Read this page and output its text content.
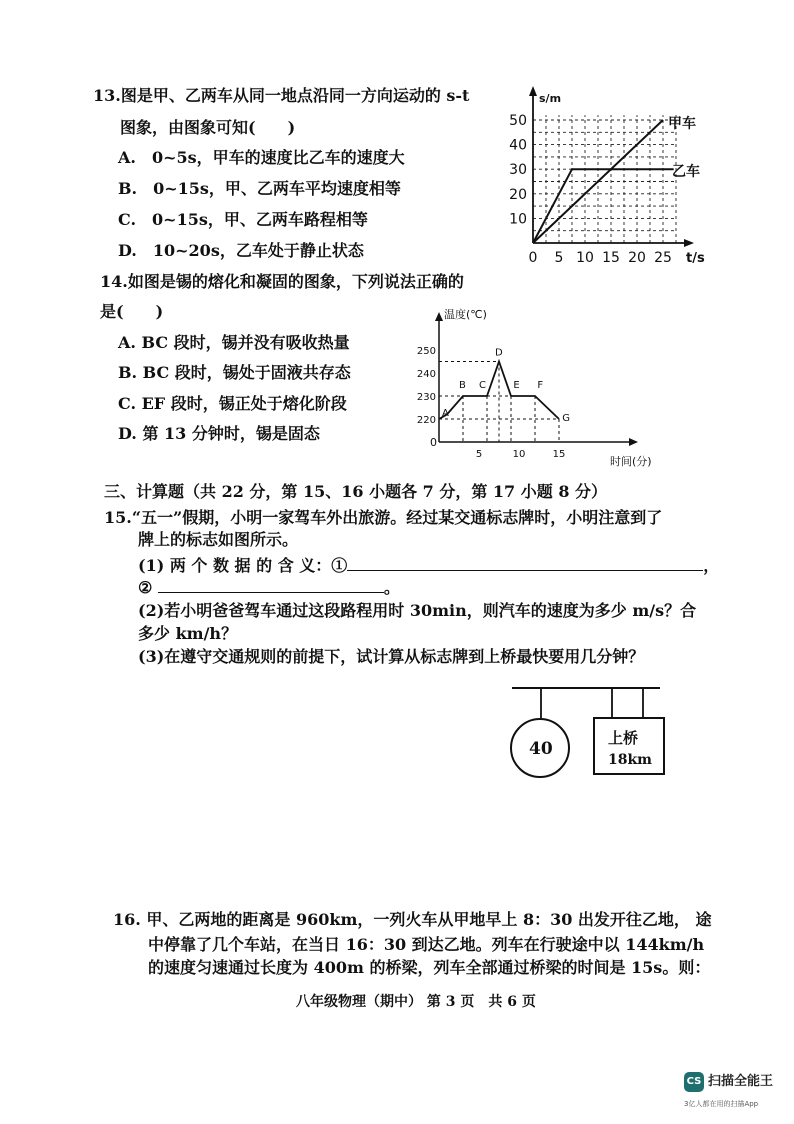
13.图是甲、乙两车从同一地点沿同一方向运动的 s-t
图象，由图象可知(　　)
A.　0~5s，甲车的速度比乙车的速度大
B.　0~15s，甲、乙两车平均速度相等
C.　0~15s，甲、乙两车路程相等
D.　10~20s，乙车处于静止状态
s/m
t/s
0 5 10 15 20 25
10
20
30
40
50	甲车
乙车
14.如图是锡的熔化和凝固的图象，下列说法正确的
是(　　)
A. BC 段时，锡并没有吸收热量
B. BC 段时，锡处于固液共存态
C. EF 段时，锡正处于熔化阶段
D. 第 13 分钟时，锡是固态
温度(℃)
时间(分)
0
220
230
240
250
5	10	15
A
B C
D
E F
G
三、计算题（共 22 分，第 15、16 小题各 7 分，第 17 小题 8 分）
15.“五一”假期，小明一家驾车外出旅游。经过某交通标志牌时，小明注意到了
牌上的标志如图所示。
(1) 两 个 数 据 的 含 义：①	，
②	。
(2)若小明爸爸驾车通过这段路程用时 30min，则汽车的速度为多少 m/s？合
多少 km/h？
(3)在遵守交通规则的前提下，试计算从标志牌到上桥最快要用几分钟？
40
上桥
18km
16. 甲、乙两地的距离是 960km，一列火车从甲地早上 8：30 出发开往乙地， 途
中停靠了几个车站，在当日 16：30 到达乙地。列车在行驶途中以 144km/h
的速度匀速通过长度为 400m 的桥梁，列车全部通过桥梁的时间是 15s。则：
八年级物理（期中） 第 3 页　共 6 页
CS 扫描全能王
3亿人都在用的扫描App
